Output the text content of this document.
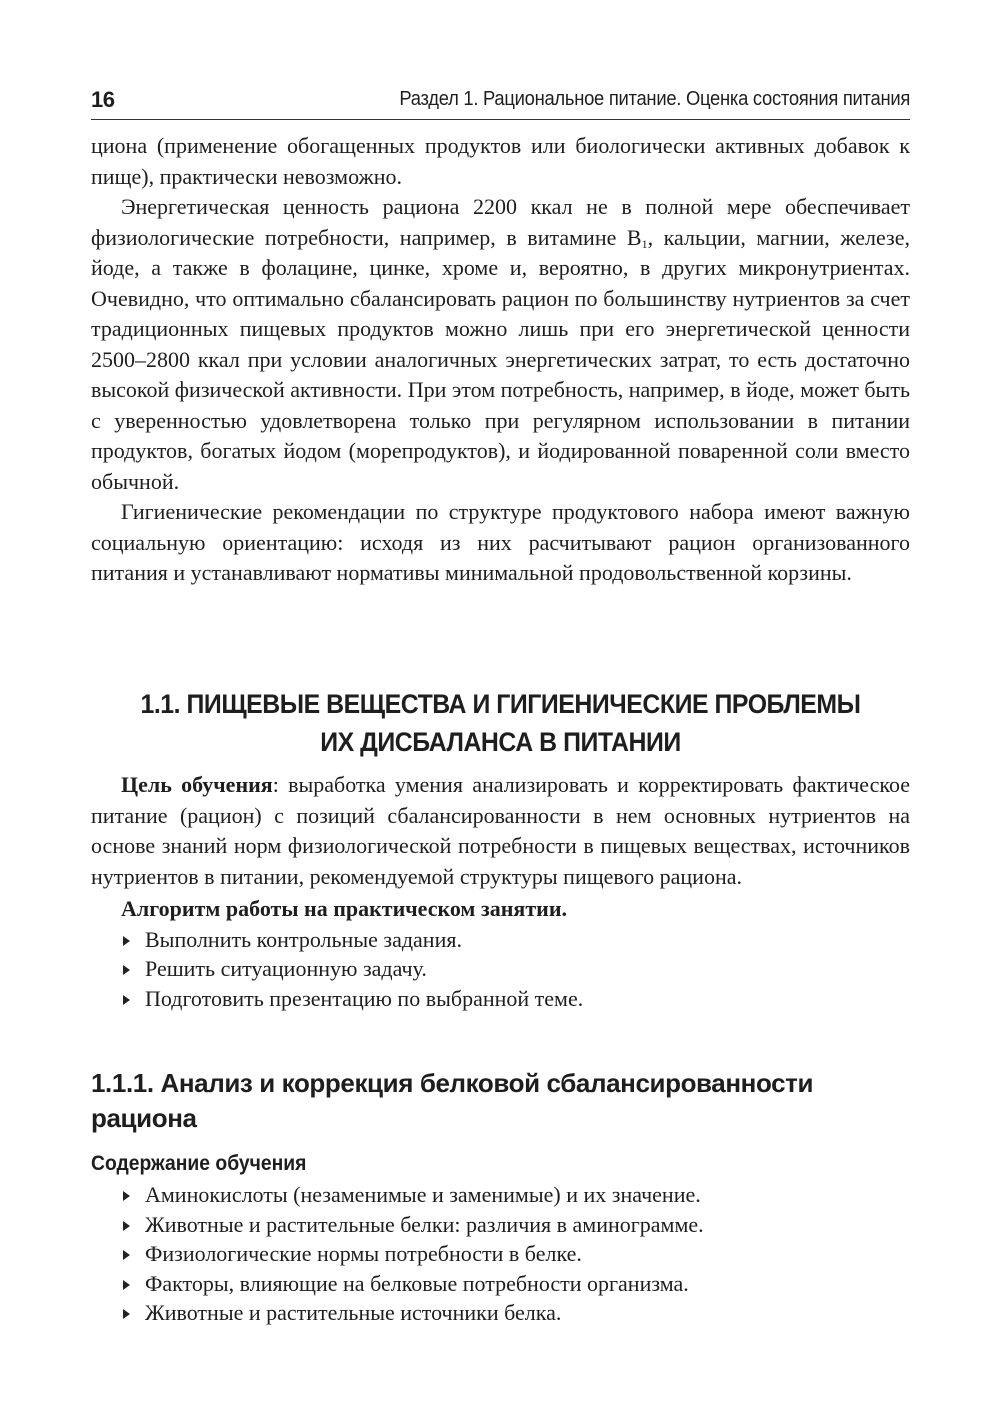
16	Раздел 1. Рациональное питание. Оценка состояния питания

циона (применение обогащенных продуктов или биологически активных добавок к пище), практически невозможно.

Энергетическая ценность рациона 2200 ккал не в полной мере обеспечивает физиологические потребности, например, в витамине $B_1$, кальции, магнии, железе, йоде, а также в фолацине, цинке, хроме и, вероятно, в других микронутриентах. Очевидно, что оптимально сбалансировать рацион по большинству нутриентов за счет традиционных пищевых продуктов можно лишь при его энергетической ценности 2500–2800 ккал при условии аналогичных энергетических затрат, то есть достаточно высокой физической активности. При этом потребность, например, в йоде, может быть с уверенностью удовлетворена только при регулярном использовании в питании продуктов, богатых йодом (морепродуктов), и йодированной поваренной соли вместо обычной.

Гигиенические рекомендации по структуре продуктового набора имеют важную социальную ориентацию: исходя из них расчитывают рацион организованного питания и устанавливают нормативы минимальной продовольственной корзины.

1.1. ПИЩЕВЫЕ ВЕЩЕСТВА И ГИГИЕНИЧЕСКИЕ ПРОБЛЕМЫ
ИХ ДИСБАЛАНСА В ПИТАНИИ

Цель обучения: выработка умения анализировать и корректировать фактическое питание (рацион) с позиций сбалансированности в нем основных нутриентов на основе знаний норм физиологической потребности в пищевых веществах, источников нутриентов в питании, рекомендуемой структуры пищевого рациона.

Алгоритм работы на практическом занятии.
Выполнить контрольные задания.
Решить ситуационную задачу.
Подготовить презентацию по выбранной теме.
1.1.1. Анализ и коррекция белковой сбалансированности
рациона
Содержание обучения
Аминокислоты (незаменимые и заменимые) и их значение.
Животные и растительные белки: различия в аминограмме.
Физиологические нормы потребности в белке.
Факторы, влияющие на белковые потребности организма.
Животные и растительные источники белка.
